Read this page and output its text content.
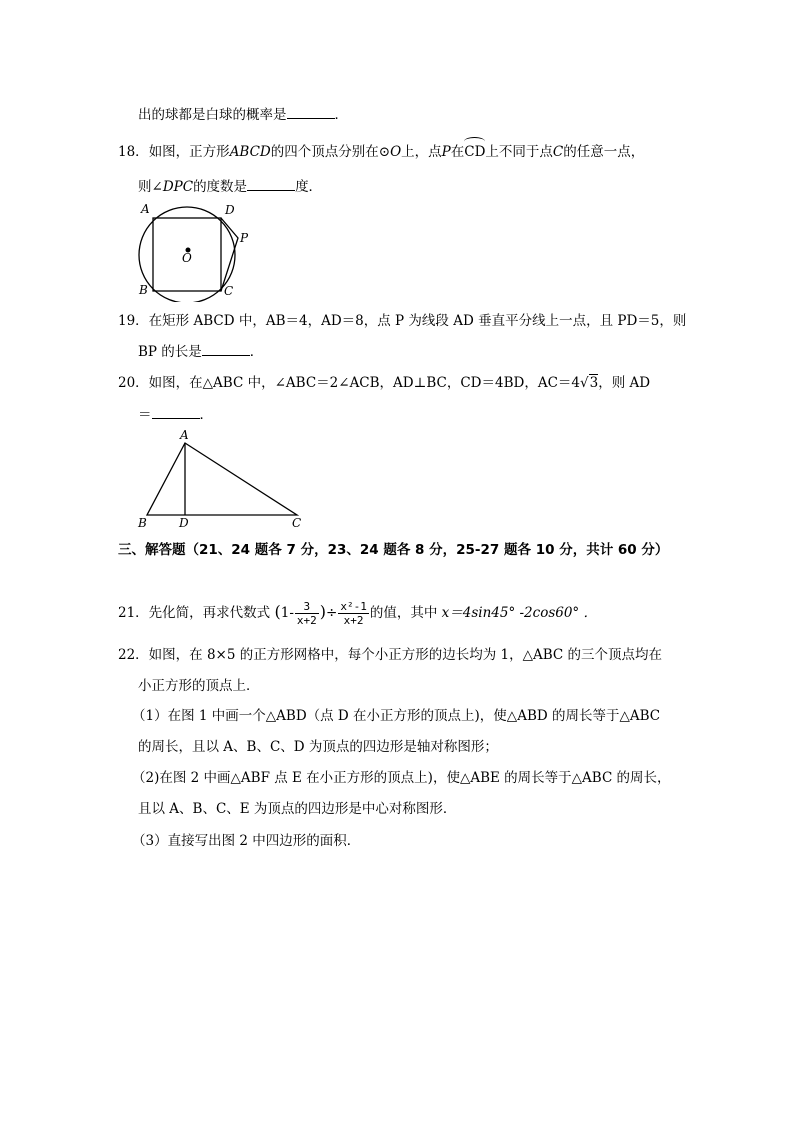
出的球都是白球的概率是	．
18．如图，正方形ABCD的四个顶点分别在⊙O上，点P在CD上不同于点C的任意一点，
则∠DPC的度数是	度．
A	D
P
O
B	C
19．在矩形 ABCD 中，AB＝4，AD＝8，点 P 为线段 AD 垂直平分线上一点，且 PD＝5，则
BP 的长是	．
20．如图，在△ABC 中，∠ABC＝2∠ACB，AD⊥BC，CD＝4BD，AC＝4√3，则 AD
＝	．
A
B	D	C
三、解答题（21、24 题各 7 分，23、24 题各 8 分，25-27 题各 10 分，共计 60 分）
21．先化简，再求代数式 ($1- \frac{3}{x+2}$ )÷ $\frac{\text{x²-1}}{x+2}$ 的值，其中 x＝4sin45° -2cos60° ．
22．如图，在 8×5 的正方形网格中，每个小正方形的边长均为 1，△ABC 的三个顶点均在
小正方形的顶点上．
（1）在图 1 中画一个△ABD（点 D 在小正方形的顶点上)，使△ABD 的周长等于△ABC
的周长，且以 A、B、C、D 为顶点的四边形是轴对称图形；
（2)在图 2 中画△ABF 点 E 在小正方形的顶点上)，使△ABE 的周长等于△ABC 的周长，
且以 A、B、C、E 为顶点的四边形是中心对称图形．
（3）直接写出图 2 中四边形的面积．
